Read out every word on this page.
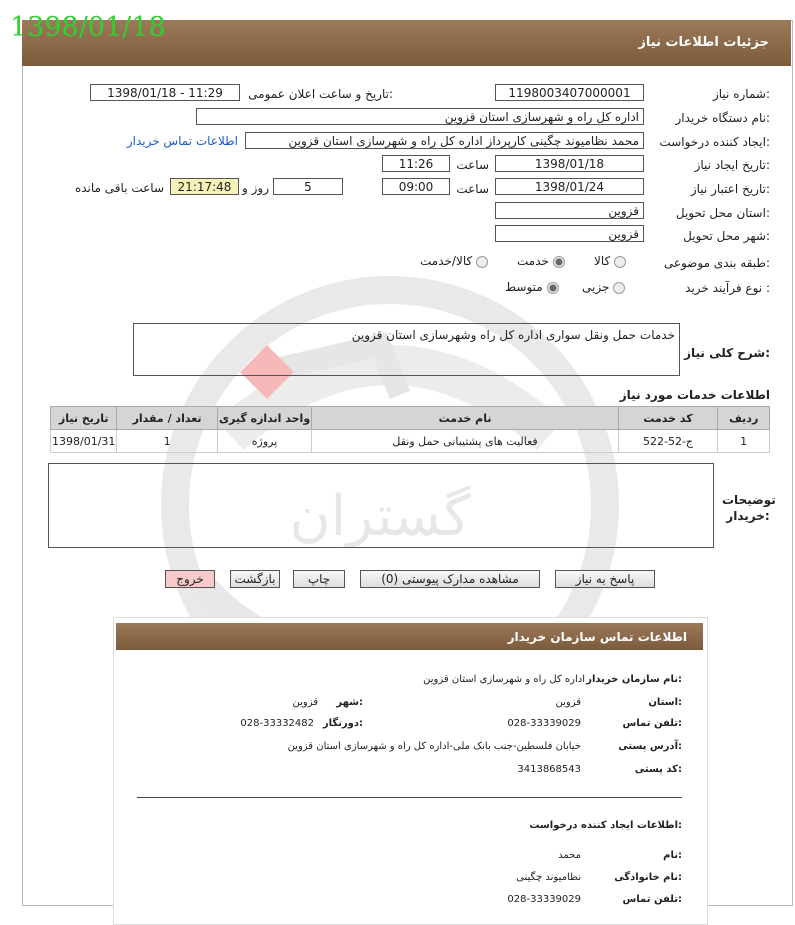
جزئیات اطلاعات نیاز
1398/01/18
گستران
شماره نیاز:
1198003407000001
تاریخ و ساعت اعلان عمومی:
1398/01/18 - 11:29
نام دستگاه خریدار:
اداره کل راه و شهرسازی استان قزوین
ایجاد کننده درخواست:
محمد نظامیوند چگینی کارپرداز اداره کل راه و شهرسازی استان قزوین
اطلاعات تماس خریدار
تاریخ ایجاد نیاز:
1398/01/18
ساعت
11:26
تاریخ اعتبار نیاز:
1398/01/24
ساعت
09:00
5
روز و
21:17:48
ساعت باقی مانده
استان محل تحویل:
قزوین
شهر محل تحویل:
قزوین
طبقه بندی موضوعی:
کالا
خدمت
کالا/خدمت
نوع فرآیند خرید :
جزیی
متوسط
شرح کلی نیاز:
خدمات حمل ونقل سواری اداره کل راه وشهرسازی استان قزوین
اطلاعات خدمات مورد نیاز
تاریخ نیاز	تعداد / مقدار	واحد اندازه گیری	نام خدمت	کد خدمت	ردیف
1398/01/31	1	پروژه	فعالیت های پشتیبانی حمل ونقل	ج-52-522	1
توضیحات خریدار:
پاسخ به نیاز
مشاهده مدارک پیوستی (0)
چاپ
بازگشت
خروج
اطلاعات تماس سازمان خریدار
نام سازمان خریدار:
اداره کل راه و شهرسازی استان قزوین
استان:
قزوین
شهر:
قزوین
تلفن تماس:
028-33339029
دورنگار:
028-33332482
آدرس پستی:
خیابان فلسطین-جنب بانک ملی-اداره کل راه و شهرسازی استان قزوین
کد پستی:
3413868543
اطلاعات ایجاد کننده درخواست:
نام:
محمد
نام خانوادگی:
نظامیوند چگینی
تلفن تماس:
028-33339029
